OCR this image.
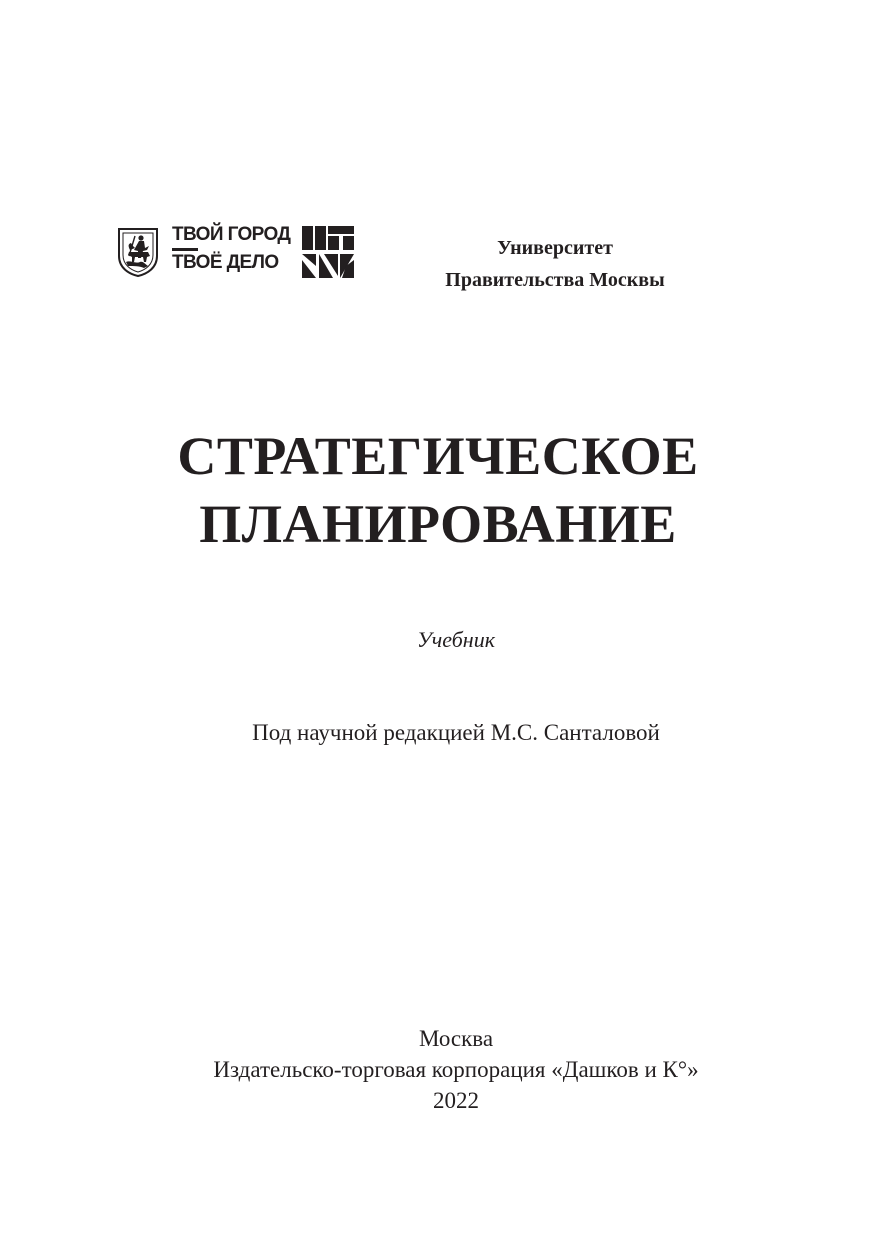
ТВОЙ ГОРОД
ТВОЁ ДЕЛО
Университет
Правительства Москвы
СТРАТЕГИЧЕСКОЕ
ПЛАНИРОВАНИЕ
Учебник
Под научной редакцией М.С. Санталовой
Москва
Издательско-торговая корпорация «Дашков и К°»
2022
